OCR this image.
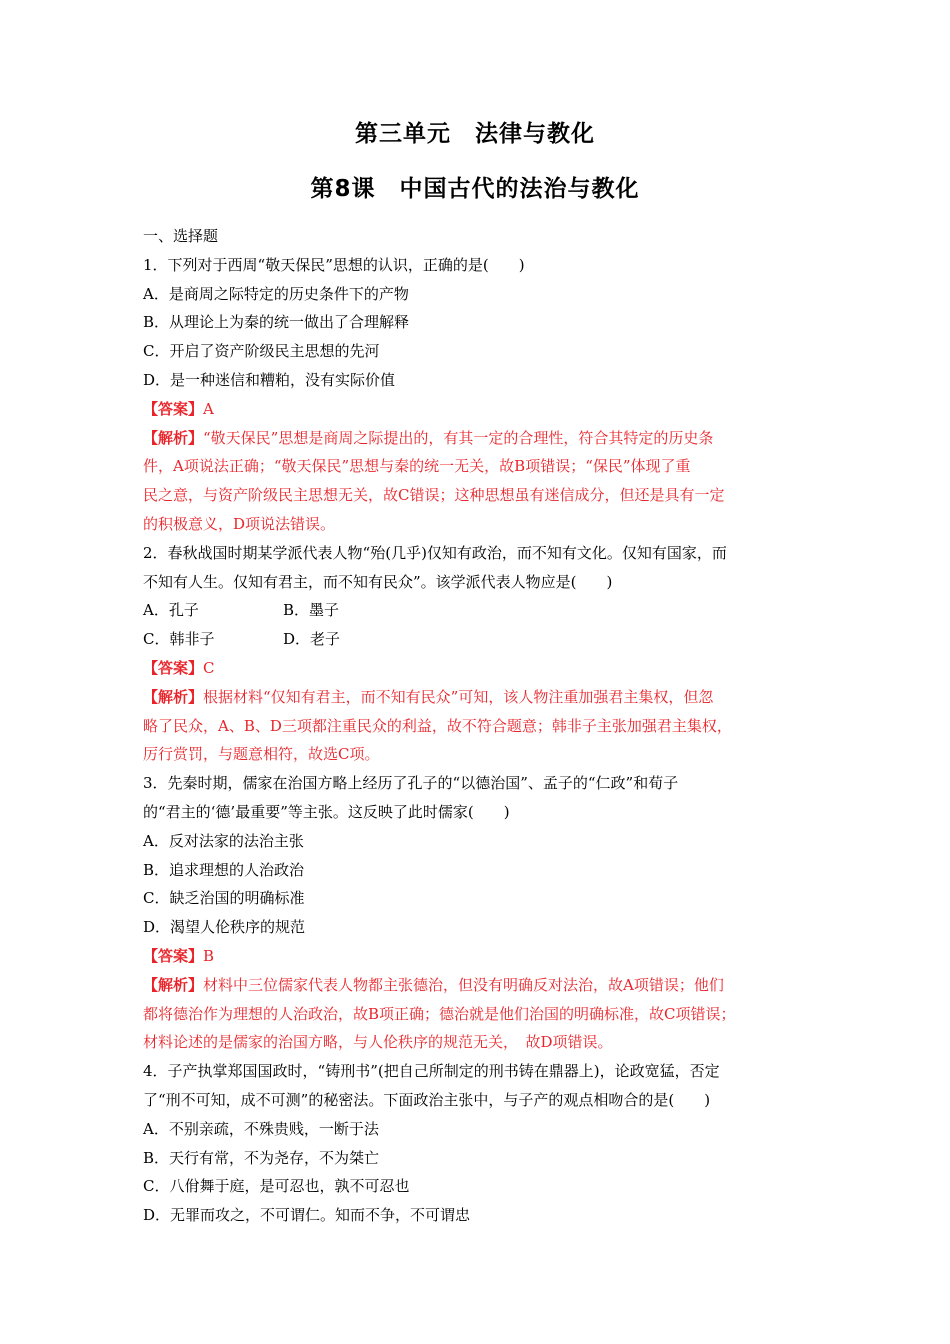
第三单元　法律与教化
第8课　中国古代的法治与教化
一、选择题
1．下列对于西周“敬天保民”思想的认识，正确的是(　　)
A．是商周之际特定的历史条件下的产物
B．从理论上为秦的统一做出了合理解释
C．开启了资产阶级民主思想的先河
D．是一种迷信和糟粕，没有实际价值
【答案】A
【解析】“敬天保民”思想是商周之际提出的，有其一定的合理性，符合其特定的历史条
件，A项说法正确；“敬天保民”思想与秦的统一无关，故B项错误；“保民”体现了重
民之意，与资产阶级民主思想无关，故C错误；这种思想虽有迷信成分，但还是具有一定
的积极意义，D项说法错误。
2．春秋战国时期某学派代表人物“殆(几乎)仅知有政治，而不知有文化。仅知有国家，而
不知有人生。仅知有君主，而不知有民众”。该学派代表人物应是(　　)
A．孔子	B．墨子
C．韩非子	D．老子
【答案】C
【解析】根据材料“仅知有君主，而不知有民众”可知，该人物注重加强君主集权，但忽
略了民众，A、B、D三项都注重民众的利益，故不符合题意；韩非子主张加强君主集权，
厉行赏罚，与题意相符，故选C项。
3．先秦时期，儒家在治国方略上经历了孔子的“以德治国”、孟子的“仁政”和荀子
的“君主的‘德’最重要”等主张。这反映了此时儒家(　　)
A．反对法家的法治主张
B．追求理想的人治政治
C．缺乏治国的明确标准
D．渴望人伦秩序的规范
【答案】B
【解析】材料中三位儒家代表人物都主张德治，但没有明确反对法治，故A项错误；他们
都将德治作为理想的人治政治，故B项正确；德治就是他们治国的明确标准，故C项错误；
材料论述的是儒家的治国方略，与人伦秩序的规范无关，　故D项错误。
4．子产执掌郑国国政时，“铸刑书”(把自己所制定的刑书铸在鼎器上)，论政宽猛，否定
了“刑不可知，成不可测”的秘密法。下面政治主张中，与子产的观点相吻合的是(　　)
A．不别亲疏，不殊贵贱，一断于法
B．天行有常，不为尧存，不为桀亡
C．八佾舞于庭，是可忍也，孰不可忍也
D．无罪而攻之，不可谓仁。知而不争，不可谓忠
